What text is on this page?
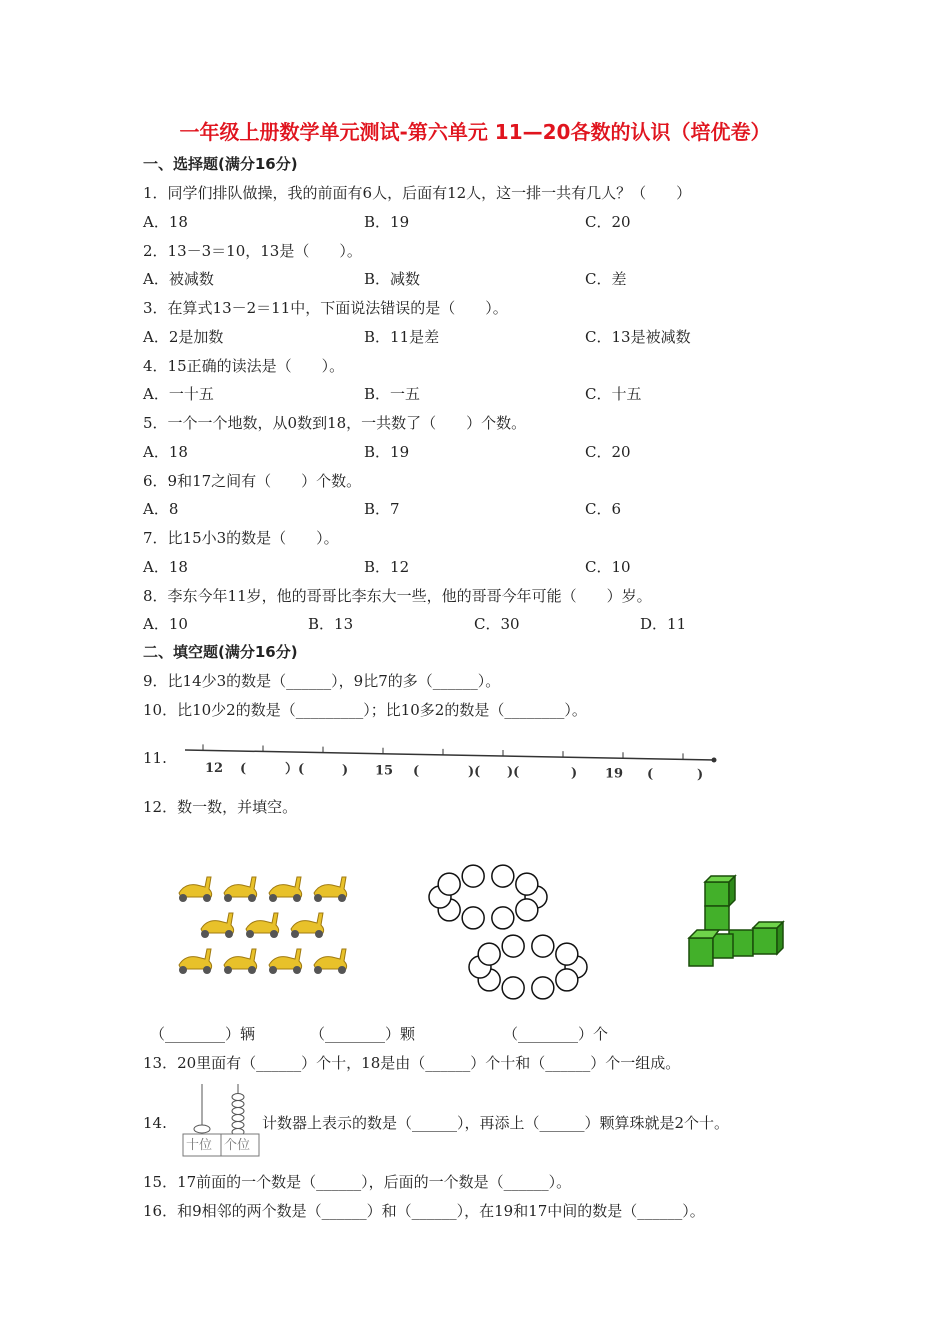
一年级上册数学单元测试-第六单元 11—20各数的认识（培优卷）
一、选择题(满分16分)
1．同学们排队做操，我的前面有6人，后面有12人，这一排一共有几人？（　　）
A．18	B．19	C．20
2．13－3＝10，13是（　　）。
A．被减数	B．减数	C．差
3．在算式13－2＝11中，下面说法错误的是（　　）。
A．2是加数	B．11是差	C．13是被减数
4．15正确的读法是（　　）。
A．一十五	B．一五	C．十五
5．一个一个地数，从0数到18，一共数了（　　）个数。
A．18	B．19	C．20
6．9和17之间有（　　）个数。
A．8	B．7	C．6
7．比15小3的数是（　　）。
A．18	B．12	C．10
8．李东今年11岁，他的哥哥比李东大一些，他的哥哥今年可能（　　）岁。
A．10	B．13	C．30	D．11
二、填空题(满分16分)
9．比14少3的数是（______），9比7的多（______）。
10．比10少2的数是（_________）；比10多2的数是（________）。
11.
12 (	）(	) 15 (	)( )(	) 19 (	)
12．数一数，并填空。
（________）辆	（________）颗	（________）个
13．20里面有（______）个十，18是由（______）个十和（______）个一组成。
14.
十位 个位
计数器上表示的数是（______），再添上（______）颗算珠就是2个十。
15．17前面的一个数是（______），后面的一个数是（______）。
16．和9相邻的两个数是（______）和（______），在19和17中间的数是（______）。
